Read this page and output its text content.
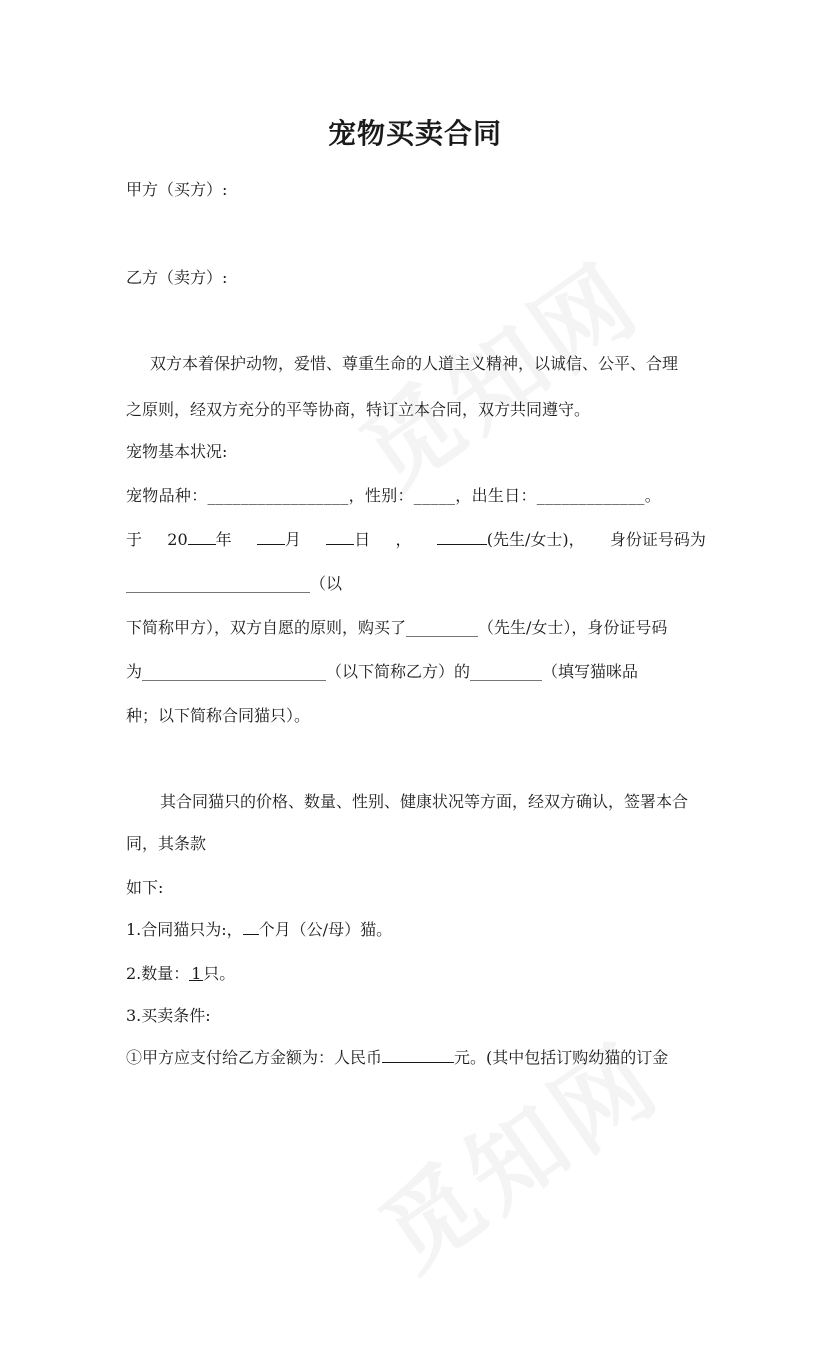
宠物买卖合同
甲方（买方）:
乙方（卖方）:
双方本着保护动物，爱惜、尊重生命的人道主义精神，以诚信、公平、合理
之原则，经双方充分的平等协商，特订立本合同，双方共同遵守。
宠物基本状况:
宠物品种：_________________，性别：_____，出生日：_____________。
于 20 年	月	日 ，	(先生/女士)， 身份证号码为
_______________________（以
下简称甲方），双方自愿的原则，购买了_________（先生/女士），身份证号码
为_______________________（以下简称乙方）的_________（填写猫咪品
种；以下简称合同猫只）。
其合同猫只的价格、数量、性别、健康状况等方面，经双方确认，签署本合
同，其条款
如下:
1.合同猫只为:， 个月（公/母）猫。
2.数量： 1 只。
3.买卖条件:
①甲方应支付给乙方金额为：人民币	元。(其中包括订购幼猫的订金
